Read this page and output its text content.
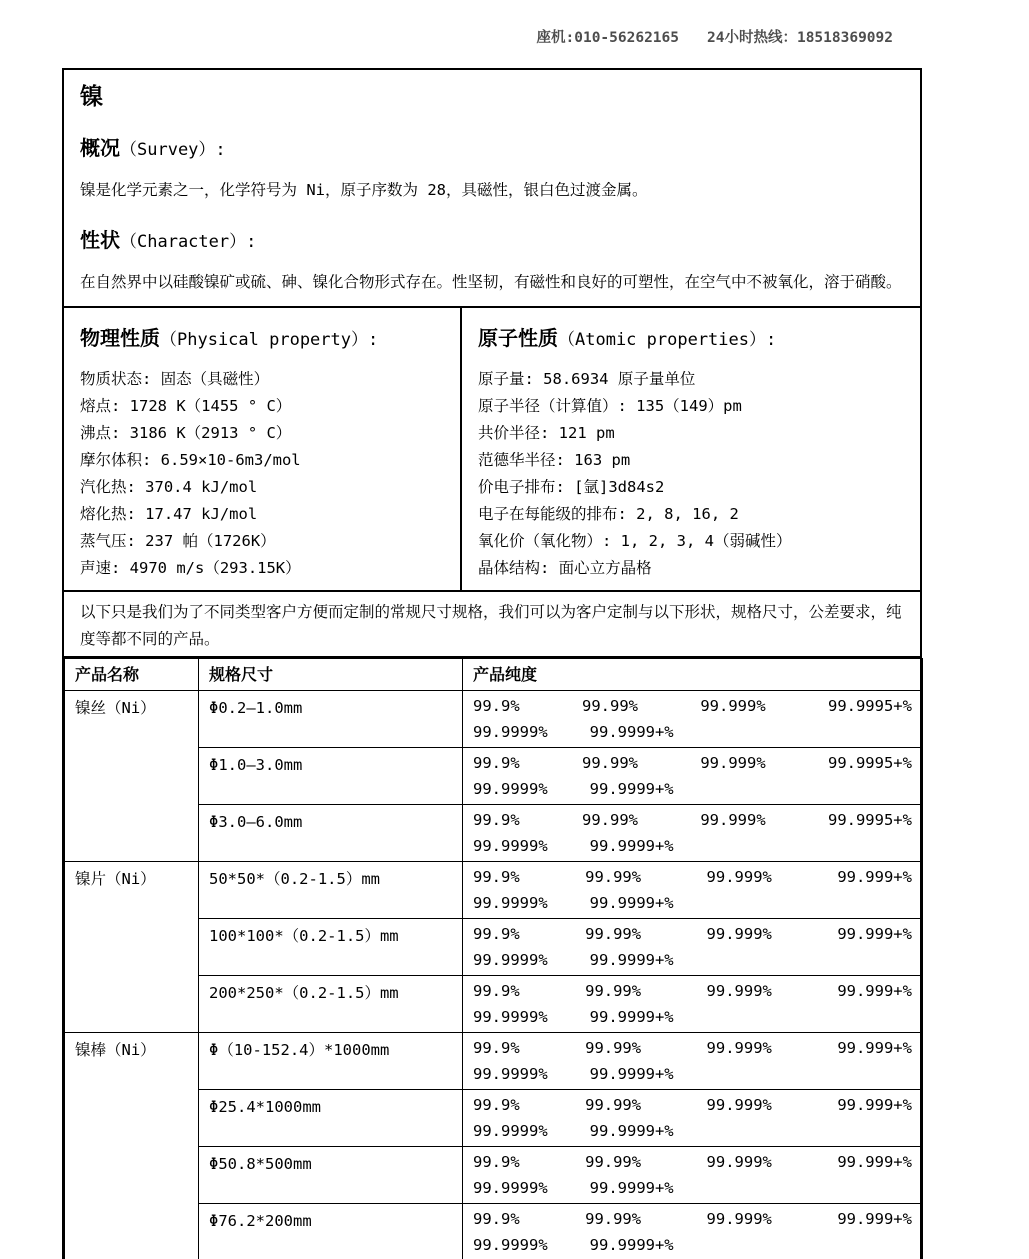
座机:010-56262165 24小时热线：18518369092
镍
概况（Survey）:
镍是化学元素之一，化学符号为 Ni，原子序数为 28，具磁性，银白色过渡金属。
性状（Character）:
在自然界中以硅酸镍矿或硫、砷、镍化合物形式存在。性坚韧，有磁性和良好的可塑性，在空气中不被氧化，溶于硝酸。
物理性质（Physical property）:
物质状态: 固态（具磁性）
熔点: 1728 K（1455 ° C）
沸点: 3186 K（2913 ° C）
摩尔体积: 6.59×10-6m3/mol
汽化热: 370.4 kJ/mol
熔化热: 17.47 kJ/mol
蒸气压: 237 帕（1726K）
声速: 4970 m/s（293.15K）
原子性质（Atomic properties）:
原子量: 58.6934 原子量单位
原子半径（计算值）: 135（149）pm
共价半径: 121 pm
范德华半径: 163 pm
价电子排布: [氩]3d84s2
电子在每能级的排布: 2, 8, 16, 2
氧化价（氧化物）: 1, 2, 3, 4（弱碱性）
晶体结构: 面心立方晶格
以下只是我们为了不同类型客户方便而定制的常规尺寸规格，我们可以为客户定制与以下形状，规格尺寸，公差要求，纯度等都不同的产品。
产品名称	规格尺寸	产品纯度
镍丝（Ni）	Φ0.2—1.0mm	99.9%	99.99%	99.999%	99.9995+%
99.9999%	99.9999+%

Φ1.0—3.0mm	99.9%	99.99%	99.999%	99.9995+%
99.9999%	99.9999+%

Φ3.0—6.0mm	99.9%	99.99%	99.999%	99.9995+%
99.9999%	99.9999+%

镍片（Ni）	50*50*（0.2-1.5）mm	99.9%	99.99%	99.999%	99.999+%
99.9999%	99.9999+%

100*100*（0.2-1.5）mm	99.9%	99.99%	99.999%	99.999+%
99.9999%	99.9999+%

200*250*（0.2-1.5）mm	99.9%	99.99%	99.999%	99.999+%
99.9999%	99.9999+%

镍棒（Ni）	Φ（10-152.4）*1000mm	99.9%	99.99%	99.999%	99.999+%
99.9999%	99.9999+%

Φ25.4*1000mm	99.9%	99.99%	99.999%	99.999+%
99.9999%	99.9999+%

Φ50.8*500mm	99.9%	99.99%	99.999%	99.999+%
99.9999%	99.9999+%

Φ76.2*200mm	99.9%	99.99%	99.999%	99.999+%
99.9999%	99.9999+%
